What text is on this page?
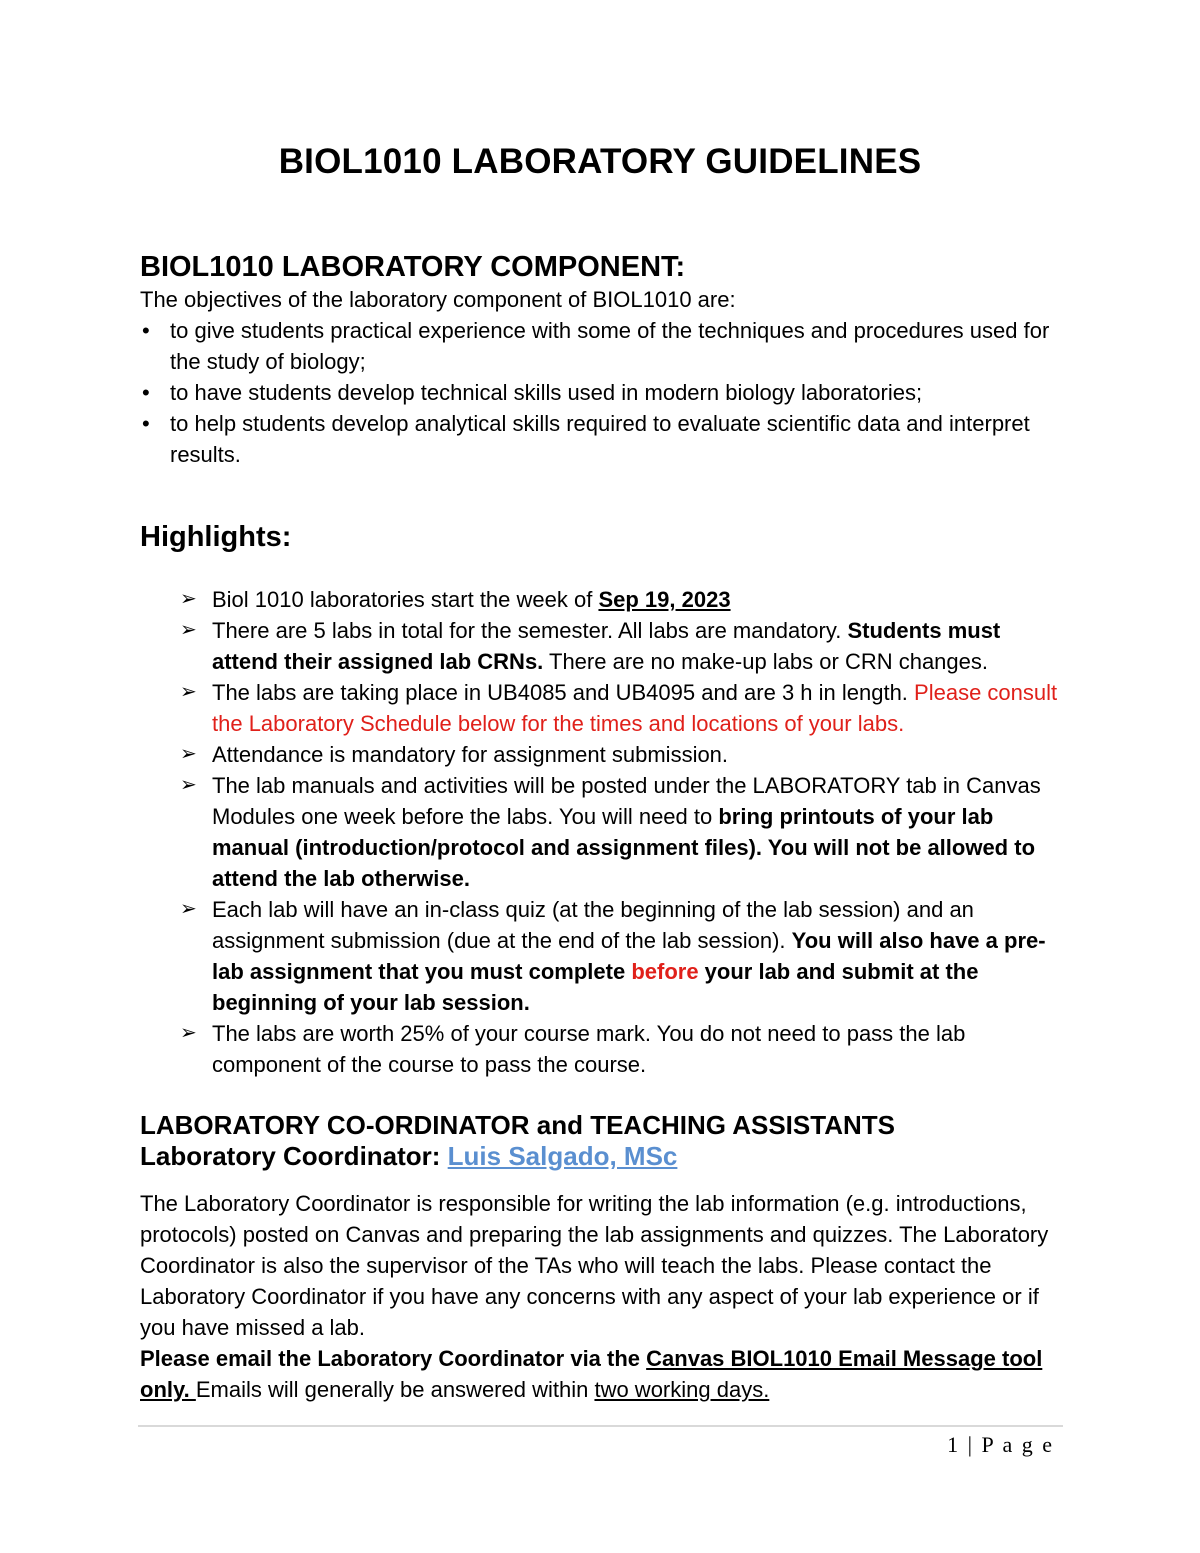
BIOL1010 LABORATORY GUIDELINES
BIOL1010 LABORATORY COMPONENT:

The objectives of the laboratory component of BIOL1010 are:

• to give students practical experience with some of the techniques and procedures used for the study of biology;
• to have students develop technical skills used in modern biology laboratories;
• to help students develop analytical skills required to evaluate scientific data and interpret results.
Highlights:
➢ Biol 1010 laboratories start the week of Sep 19, 2023
➢ There are 5 labs in total for the semester. All labs are mandatory. Students must attend their assigned lab CRNs. There are no make-up labs or CRN changes.
➢ The labs are taking place in UB4085 and UB4095 and are 3 h in length. Please consult the Laboratory Schedule below for the times and locations of your labs.
➢ Attendance is mandatory for assignment submission.
➢ The lab manuals and activities will be posted under the LABORATORY tab in Canvas Modules one week before the labs. You will need to bring printouts of your lab manual (introduction/protocol and assignment files). You will not be allowed to attend the lab otherwise.
➢ Each lab will have an in-class quiz (at the beginning of the lab session) and an assignment submission (due at the end of the lab session). You will also have a pre-lab assignment that you must complete before your lab and submit at the beginning of your lab session.
➢ The labs are worth 25% of your course mark. You do not need to pass the lab component of the course to pass the course.
LABORATORY CO-ORDINATOR and TEACHING ASSISTANTS
Laboratory Coordinator: Luis Salgado, MSc

The Laboratory Coordinator is responsible for writing the lab information (e.g. introductions, protocols) posted on Canvas and preparing the lab assignments and quizzes. The Laboratory Coordinator is also the supervisor of the TAs who will teach the labs. Please contact the Laboratory Coordinator if you have any concerns with any aspect of your lab experience or if you have missed a lab.

Please email the Laboratory Coordinator via the Canvas BIOL1010 Email Message tool only. Emails will generally be answered within two working days.

1 | P a g e
